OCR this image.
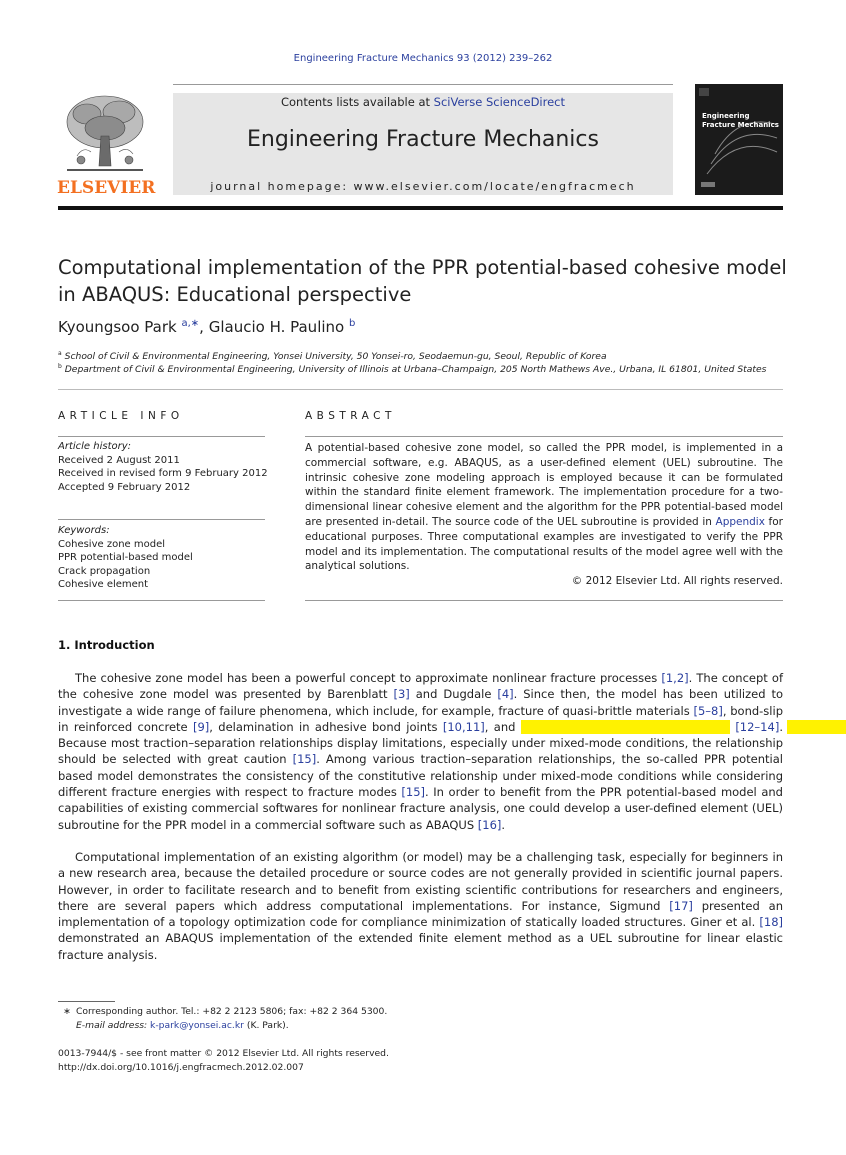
Engineering Fracture Mechanics 93 (2012) 239–262
ELSEVIER
Contents lists available at SciVerse ScienceDirect
Engineering Fracture Mechanics
journal homepage: www.elsevier.com/locate/engfracmech
Engineering
Fracture Mechanics
Computational implementation of the PPR potential-based cohesive model
in ABAQUS: Educational perspective
Kyoungsoo Park $^{a,∗}$, Glaucio H. Paulino $^b$
$^a$ School of Civil & Environmental Engineering, Yonsei University, 50 Yonsei-ro, Seodaemun-gu, Seoul, Republic of Korea
$^b$ Department of Civil & Environmental Engineering, University of Illinois at Urbana–Champaign, 205 North Mathews Ave., Urbana, IL 61801, United States
ARTICLE INFO
Article history:
Received 2 August 2011
Received in revised form 9 February 2012
Accepted 9 February 2012
Keywords:
Cohesive zone model
PPR potential-based model
Crack propagation
Cohesive element
ABSTRACT
A potential-based cohesive zone model, so called the PPR model, is implemented in a commercial software, e.g. ABAQUS, as a user-defined element (UEL) subroutine. The intrinsic cohesive zone modeling approach is employed because it can be formulated within the standard finite element framework. The implementation procedure for a two-dimensional linear cohesive element and the algorithm for the PPR potential-based model are presented in-detail. The source code of the UEL subroutine is provided in Appendix for educational purposes. Three computational examples are investigated to verify the PPR model and its implementation. The computational results of the model agree well with the analytical solutions.
© 2012 Elsevier Ltd. All rights reserved.
1. Introduction
The cohesive zone model has been a powerful concept to approximate nonlinear fracture processes [1,2]. The concept of the cohesive zone model was presented by Barenblatt [3] and Dugdale [4]. Since then, the model has been utilized to investigate a wide range of failure phenomena, which include, for example, fracture of quasi-brittle materials [5–8], bond-slip in reinforced concrete [9], delamination in adhesive bond joints [10,11], and	[12–14].                                                                                                                                 Because most traction–separation relationships display limitations, especially under mixed-mode conditions, the relationship should be selected with great caution [15]. Among various traction–separation relationships, the so-called PPR potential based model demonstrates the consistency of the constitutive relationship under mixed-mode conditions while considering different fracture energies with respect to fracture modes [15]. In order to benefit from the PPR potential-based model and capabilities of existing commercial softwares for nonlinear fracture analysis, one could develop a user-defined element (UEL) subroutine for the PPR model in a commercial software such as ABAQUS [16].
Computational implementation of an existing algorithm (or model) may be a challenging task, especially for beginners in a new research area, because the detailed procedure or source codes are not generally provided in scientific journal papers. However, in order to facilitate research and to benefit from existing scientific contributions for researchers and engineers, there are several papers which address computational implementations. For instance, Sigmund [17] presented an implementation of a topology optimization code for compliance minimization of statically loaded structures. Giner et al. [18] demonstrated an ABAQUS implementation of the extended finite element method as a UEL subroutine for linear elastic fracture analysis.
∗ Corresponding author. Tel.: +82 2 2123 5806; fax: +82 2 364 5300.
E-mail address: k-park@yonsei.ac.kr (K. Park).
0013-7944/$ - see front matter © 2012 Elsevier Ltd. All rights reserved.
http://dx.doi.org/10.1016/j.engfracmech.2012.02.007
